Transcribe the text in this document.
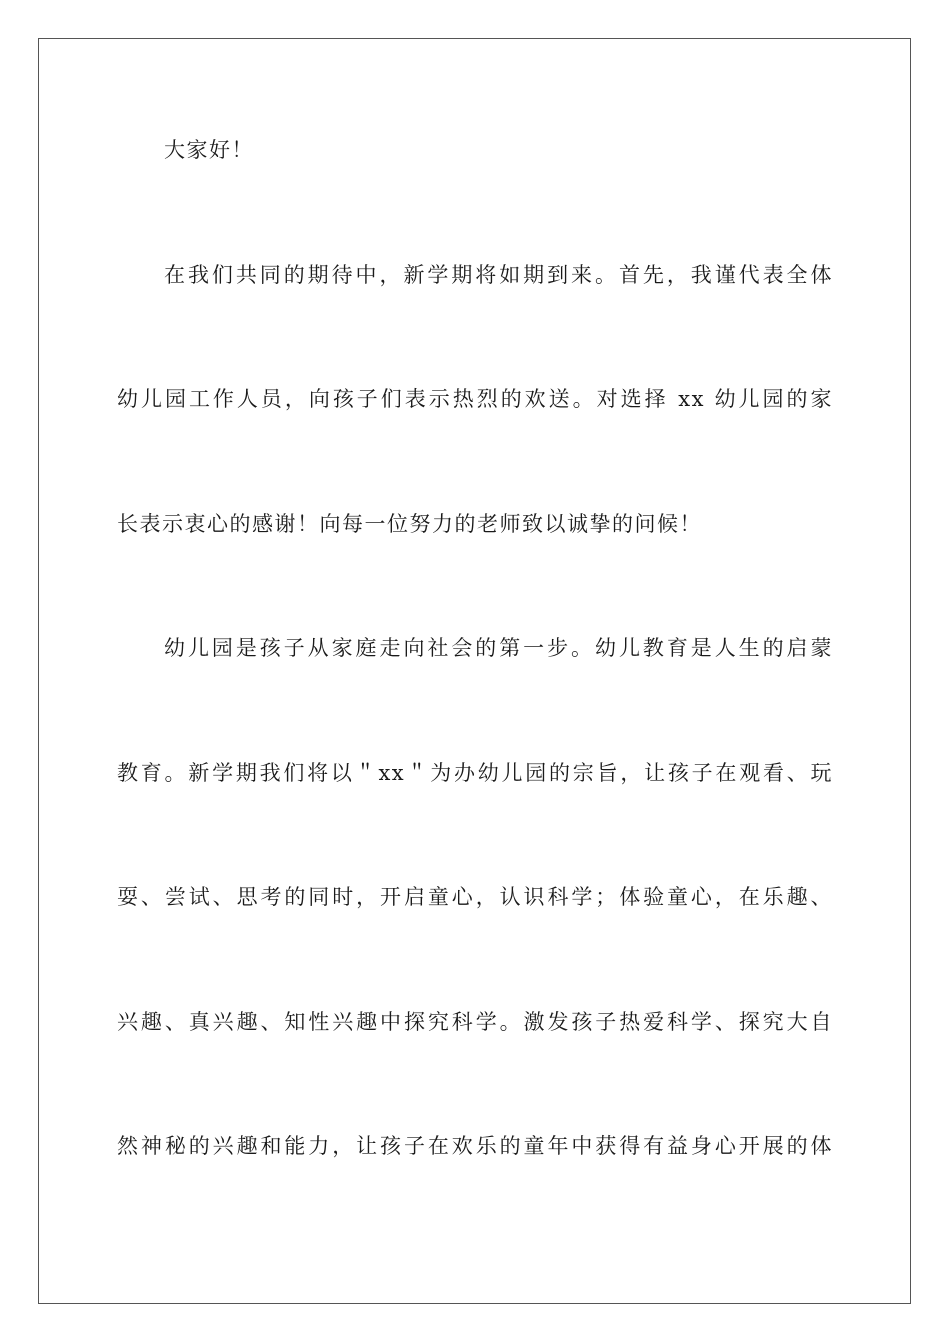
大家好！
在我们共同的期待中，新学期将如期到来。首先，我谨代表全体
幼儿园工作人员，向孩子们表示热烈的欢送。对选择 xx 幼儿园的家
长表示衷心的感谢！向每一位努力的老师致以诚挚的问候！
幼儿园是孩子从家庭走向社会的第一步。幼儿教育是人生的启蒙
教育。新学期我们将以＂xx＂为办幼儿园的宗旨，让孩子在观看、玩
耍、尝试、思考的同时，开启童心，认识科学；体验童心，在乐趣、
兴趣、真兴趣、知性兴趣中探究科学。激发孩子热爱科学、探究大自
然神秘的兴趣和能力，让孩子在欢乐的童年中获得有益身心开展的体
